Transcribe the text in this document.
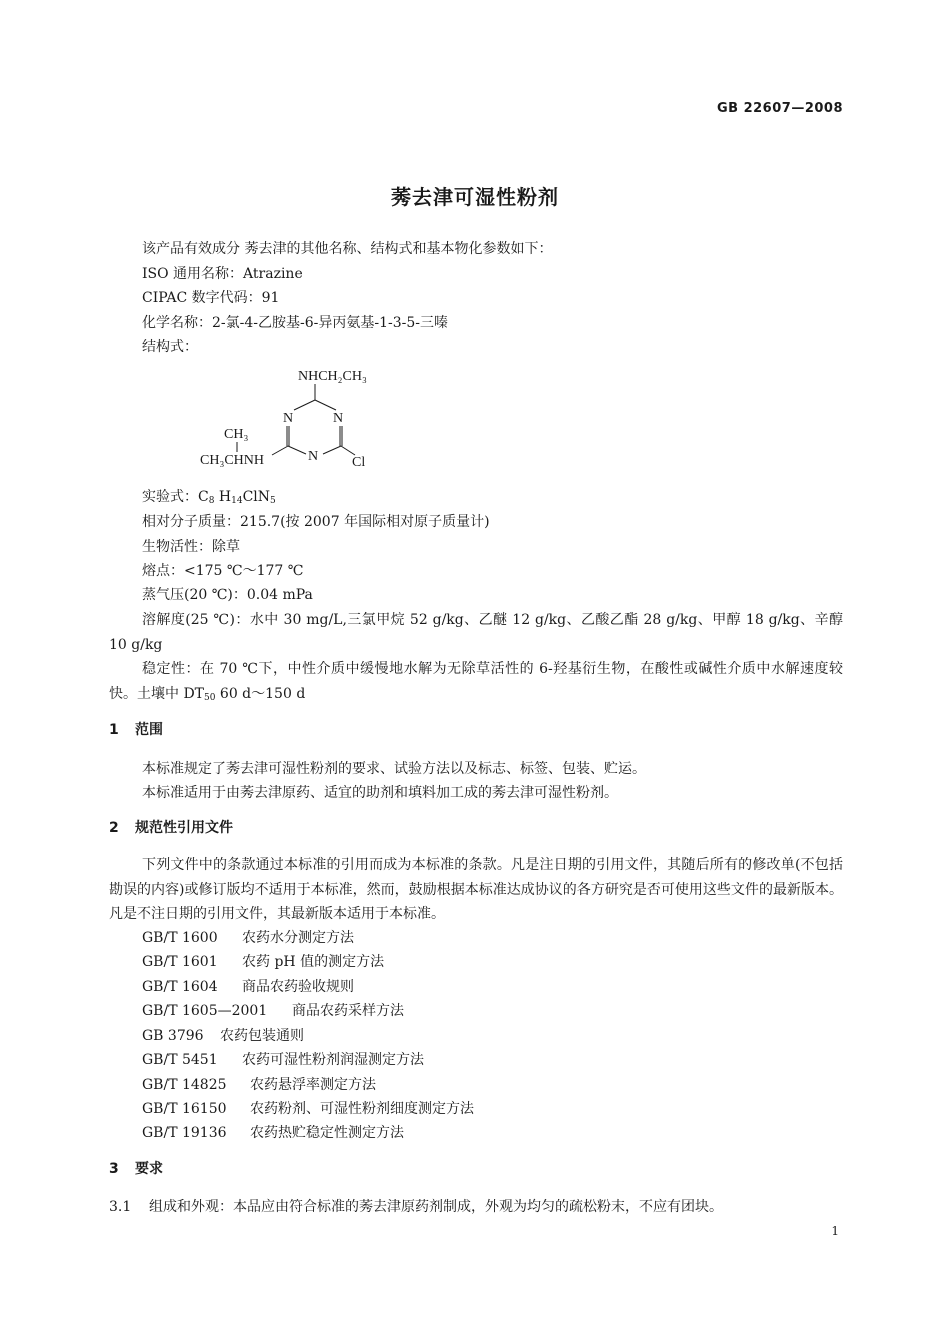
GB 22607—2008
莠去津可湿性粉剂
该产品有效成分 莠去津的其他名称、结构式和基本物化参数如下：
ISO 通用名称：Atrazine
CIPAC 数字代码：91
化学名称：2-氯-4-乙胺基-6-异丙氨基-1-3-5-三嗪
结构式：
NHCH₂CH₃
N	N
N
CH₃
CH₃CHNH	Cl
实验式：$C_8$ $H_{14}ClN_5$
相对分子质量：215.7(按 2007 年国际相对原子质量计)
生物活性：除草
熔点：<175 ℃～177 ℃
蒸气压(20 ℃)：0.04 mPa
溶解度(25 ℃)：水中 30 mg/L,三氯甲烷 52 g/kg、乙醚 12 g/kg、乙酸乙酯 28 g/kg、甲醇 18 g/kg、辛醇 10 g/kg
稳定性：在 70 ℃下，中性介质中缓慢地水解为无除草活性的 6-羟基衍生物，在酸性或碱性介质中水解速度较快。土壤中 $DT_{50}$ 60 d～150 d
1 范围
本标准规定了莠去津可湿性粉剂的要求、试验方法以及标志、标签、包装、贮运。
本标准适用于由莠去津原药、适宜的助剂和填料加工成的莠去津可湿性粉剂。
2 规范性引用文件
下列文件中的条款通过本标准的引用而成为本标准的条款。凡是注日期的引用文件，其随后所有的修改单(不包括勘误的内容)或修订版均不适用于本标准，然而，鼓励根据本标准达成协议的各方研究是否可使用这些文件的最新版本。凡是不注日期的引用文件，其最新版本适用于本标准。
GB/T 1600 农药水分测定方法
GB/T 1601 农药 pH 值的测定方法
GB/T 1604 商品农药验收规则
GB/T 1605—2001 商品农药采样方法
GB 3796 农药包装通则
GB/T 5451 农药可湿性粉剂润湿测定方法
GB/T 14825 农药悬浮率测定方法
GB/T 16150 农药粉剂、可湿性粉剂细度测定方法
GB/T 19136 农药热贮稳定性测定方法
3 要求
3.1 组成和外观：本品应由符合标准的莠去津原药剂制成，外观为均匀的疏松粉末，不应有团块。
1
